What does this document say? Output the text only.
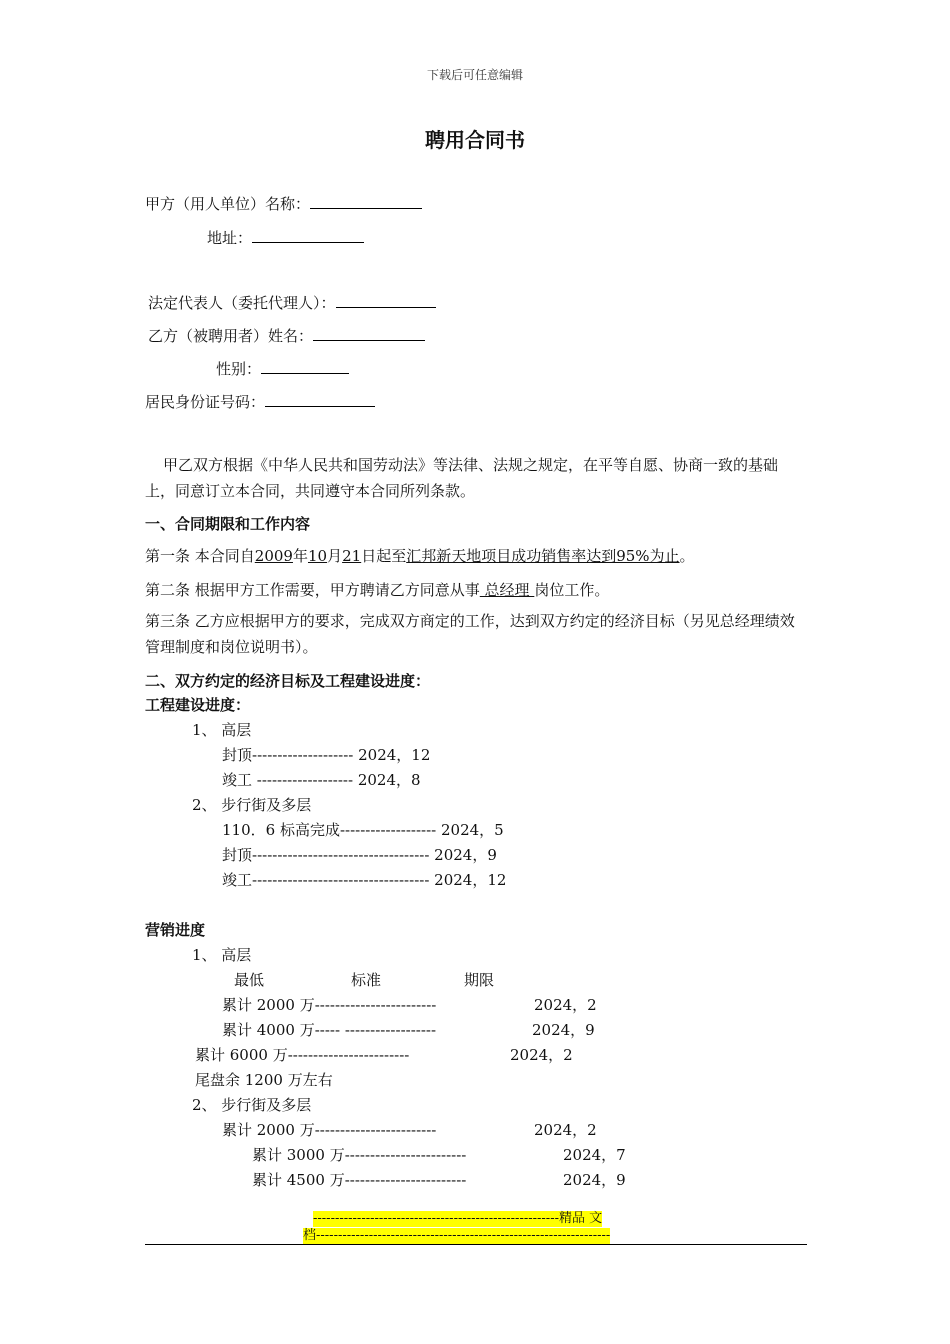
下载后可任意编辑
聘用合同书
甲方（用人单位）名称：
地址：
法定代表人（委托代理人）：
乙方（被聘用者）姓名：
性别：
居民身份证号码：
甲乙双方根据《中华人民共和国劳动法》等法律、法规之规定，在平等自愿、协商一致的基础上，同意订立本合同，共同遵守本合同所列条款。
一、合同期限和工作内容
第一条 本合同自2009年10月21日起至汇邦新天地项目成功销售率达到95%为止。
第二条 根据甲方工作需要，甲方聘请乙方同意从事 总经理 岗位工作。
第三条 乙方应根据甲方的要求，完成双方商定的工作，达到双方约定的经济目标（另见总经理绩效管理制度和岗位说明书）。
二、双方约定的经济目标及工程建设进度：
工程建设进度：
1、 高层
封顶-------------------- 2024，12
竣工 ------------------- 2024，8
2、 步行街及多层
110．6 标高完成------------------- 2024，5
封顶----------------------------------- 2024，9
竣工----------------------------------- 2024，12
营销进度
1、 高层
最低	标准	期限
累计 2000 万------------------------	2024，2
累计 4000 万----- ------------------	2024，9
累计 6000 万------------------------	2024，2
尾盘余 1200 万左右
2、 步行街及多层
累计 2000 万------------------------	2024，2
累计 3000 万------------------------	2024，7
累计 4500 万------------------------	2024，9
--------------------------------------------------------精品 文
档-------------------------------------------------------------------
